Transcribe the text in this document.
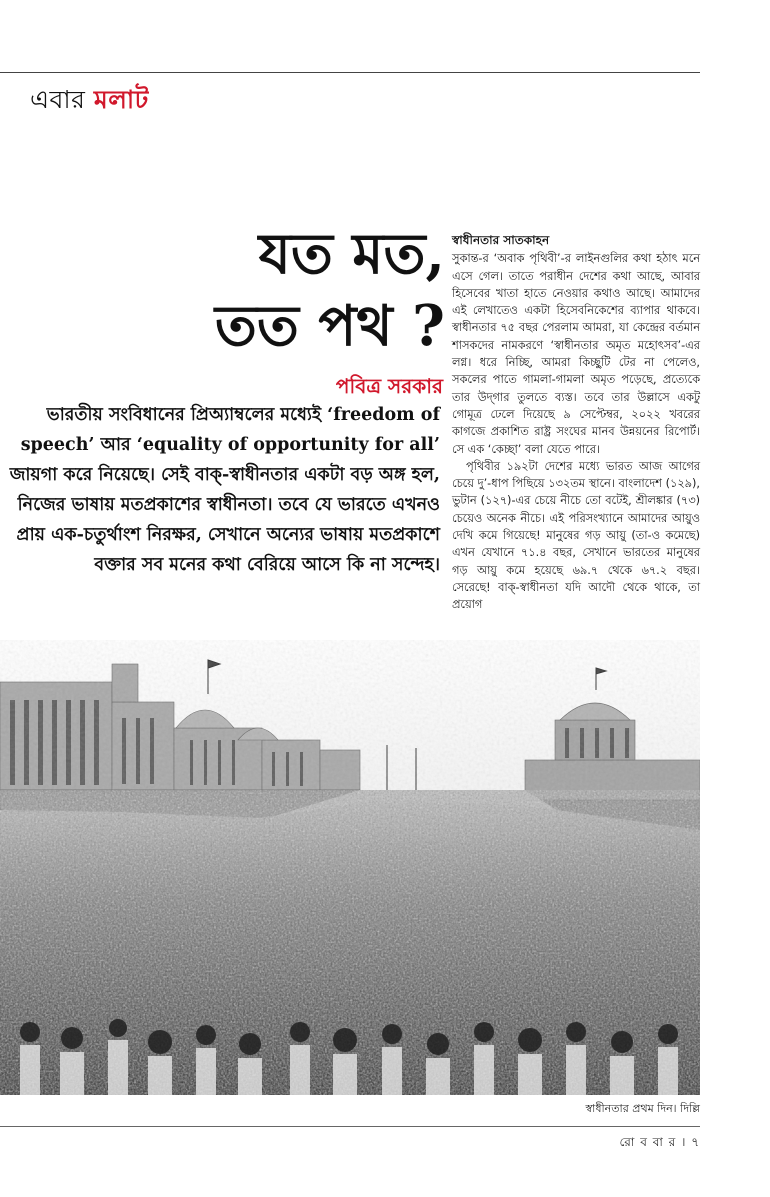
এবার মলাট
যত মত,
তত পথ ?
পবিত্র সরকার
ভারতীয় সংবিধানের প্রিঅ্যাম্বলের মধ্যেই ‘freedom of speech’ আর ‘equality of opportunity for all’ জায়গা করে নিয়েছে। সেই বাক্‌-স্বাধীনতার একটা বড় অঙ্গ হল, নিজের ভাষায় মতপ্রকাশের স্বাধীনতা। তবে যে ভারতে এখনও প্রায় এক-চতুর্থাংশ নিরক্ষর, সেখানে অন্যের ভাষায় মতপ্রকাশে বক্তার সব মনের কথা বেরিয়ে আসে কি না সন্দেহ।
স্বাধীনতার সাতকাহন

সুকান্ত-র ‘অবাক পৃথিবী’-র লাইনগুলির কথা হঠাৎ মনে এসে গেল। তাতে পরাধীন দেশের কথা আছে, আবার হিসেবের খাতা হাতে নেওয়ার কথাও আছে। আমাদের এই লেখাতেও একটা হিসেবনিকেশের ব্যাপার থাকবে। স্বাধীনতার ৭৫ বছর পেরলাম আমরা, যা কেন্দ্রের বর্তমান শাসকদের নামকরণে ‘স্বাধীনতার অমৃত মহোৎসব’-এর লগ্ন। ধরে নিচ্ছি, আমরা কিচ্ছুটি টের না পেলেও, সকলের পাতে গামলা-গামলা অমৃত পড়েছে, প্রত্যেকে তার উদ্‌গার তুলতে ব্যস্ত। তবে তার উল্লাসে একটু গোমূত্র ঢেলে দিয়েছে ৯ সেপ্টেম্বর, ২০২২ খবরের কাগজে প্রকাশিত রাষ্ট্র সংঘের মানব উন্নয়নের রিপোর্ট। সে এক ‘কেচ্ছা’ বলা যেতে পারে।

পৃথিবীর ১৯২টা দেশের মধ্যে ভারত আজ আগের চেয়ে দু’-ধাপ পিছিয়ে ১৩২তম স্থানে। বাংলাদেশ (১২৯), ভুটান (১২৭)-এর চেয়ে নীচে তো বটেই, শ্রীলঙ্কার (৭৩) চেয়েও অনেক নীচে। এই পরিসংখ্যানে আমাদের আয়ুও দেখি কমে গিয়েছে! মানুষের গড় আয়ু (তা-ও কমেছে) এখন যেখানে ৭১.৪ বছর, সেখানে ভারতের মানুষের গড় আয়ু কমে হয়েছে ৬৯.৭ থেকে ৬৭.২ বছর। সেরেছে! বাক্‌-স্বাধীনতা যদি আদৌ থেকে থাকে, তা প্রয়োগ

স্বাধীনতার প্রথম দিন। দিল্লি
রো ব বা র । ৭
